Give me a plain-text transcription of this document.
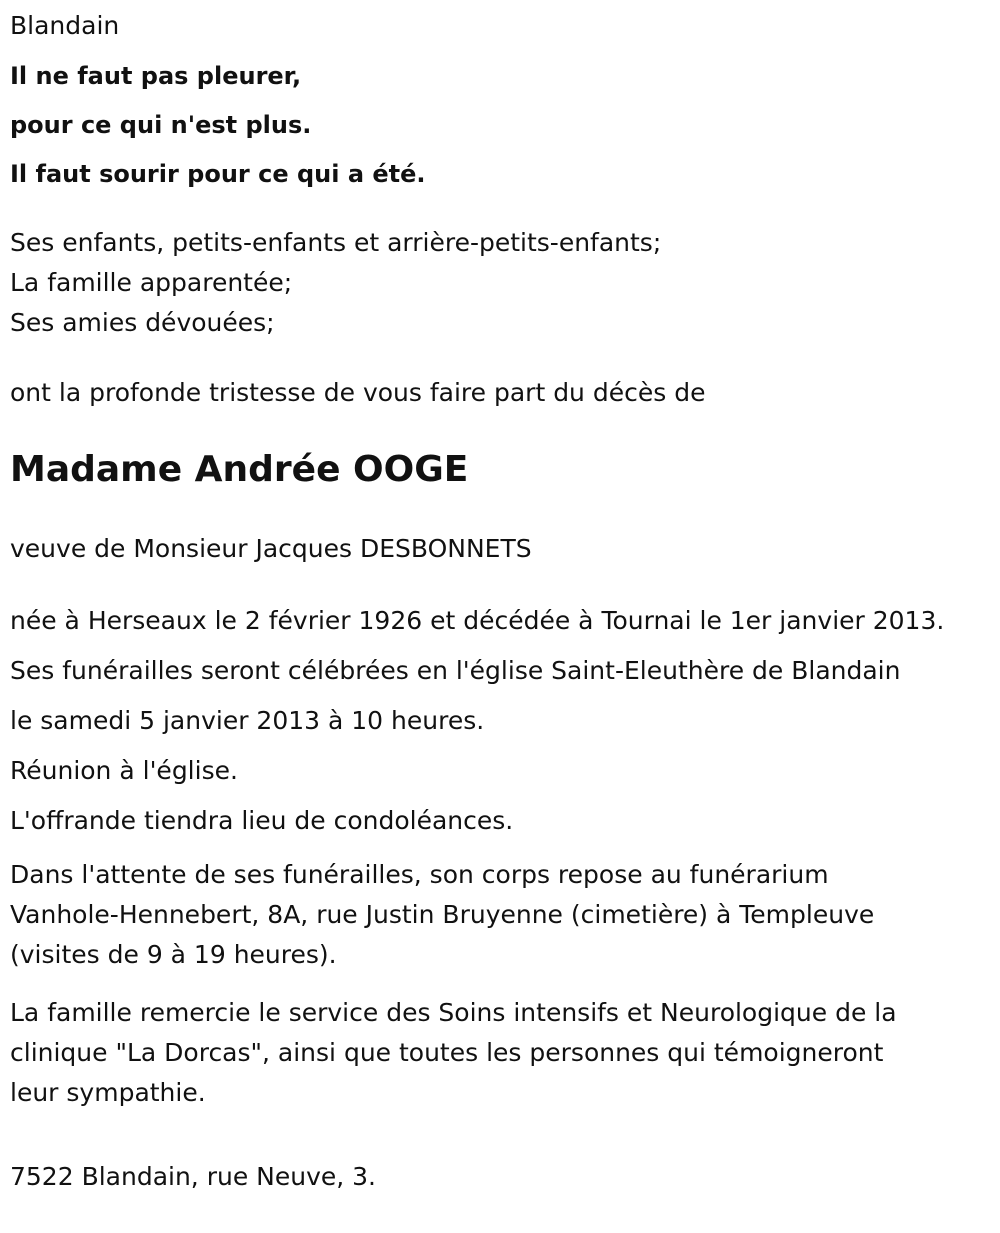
Blandain

Il ne faut pas pleurer,

pour ce qui n'est plus.

Il faut sourir pour ce qui a été.

Ses enfants, petits-enfants et arrière-petits-enfants;

La famille apparentée;

Ses amies dévouées;

ont la profonde tristesse de vous faire part du décès de

Madame Andrée OOGE

veuve de Monsieur Jacques DESBONNETS

née à Herseaux le 2 février 1926 et décédée à Tournai le 1er janvier 2013.

Ses funérailles seront célébrées en l'église Saint-Eleuthère de Blandain

le samedi 5 janvier 2013 à 10 heures.

Réunion à l'église.

L'offrande tiendra lieu de condoléances.

Dans l'attente de ses funérailles, son corps repose au funérarium
Vanhole-Hennebert, 8A, rue Justin Bruyenne (cimetière) à Templeuve
(visites de 9 à 19 heures).
La famille remercie le service des Soins intensifs et Neurologique de la
clinique "La Dorcas", ainsi que toutes les personnes qui témoigneront
leur sympathie.

7522 Blandain, rue Neuve, 3.
